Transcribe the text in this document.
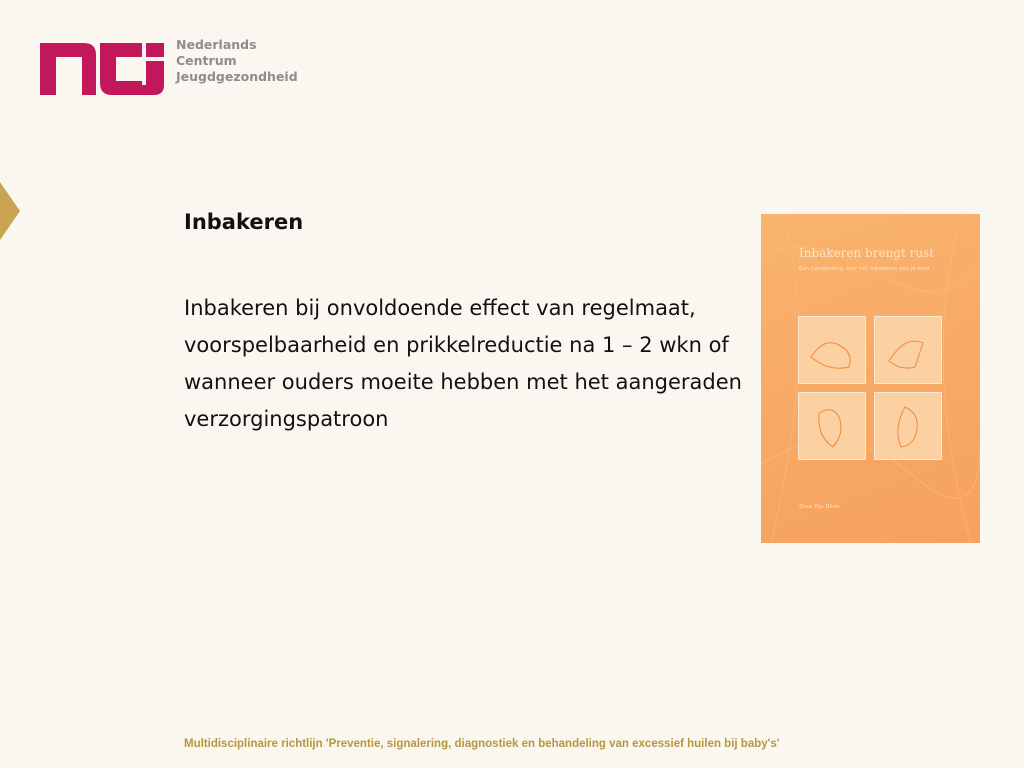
Nederlands
Centrum
Jeugdgezondheid
Inbakeren
Inbakeren bij onvoldoende effect van regelmaat, voorspelbaarheid en prikkelreductie na 1 – 2 wkn of wanneer ouders moeite hebben met het aangeraden verzorgingspatroon
Inbakeren brengt rust
Een handleiding voor het inbakeren van je kind
Door Ria Blom
Multidisciplinaire richtlijn 'Preventie, signalering, diagnostiek en behandeling van excessief huilen bij baby's'
